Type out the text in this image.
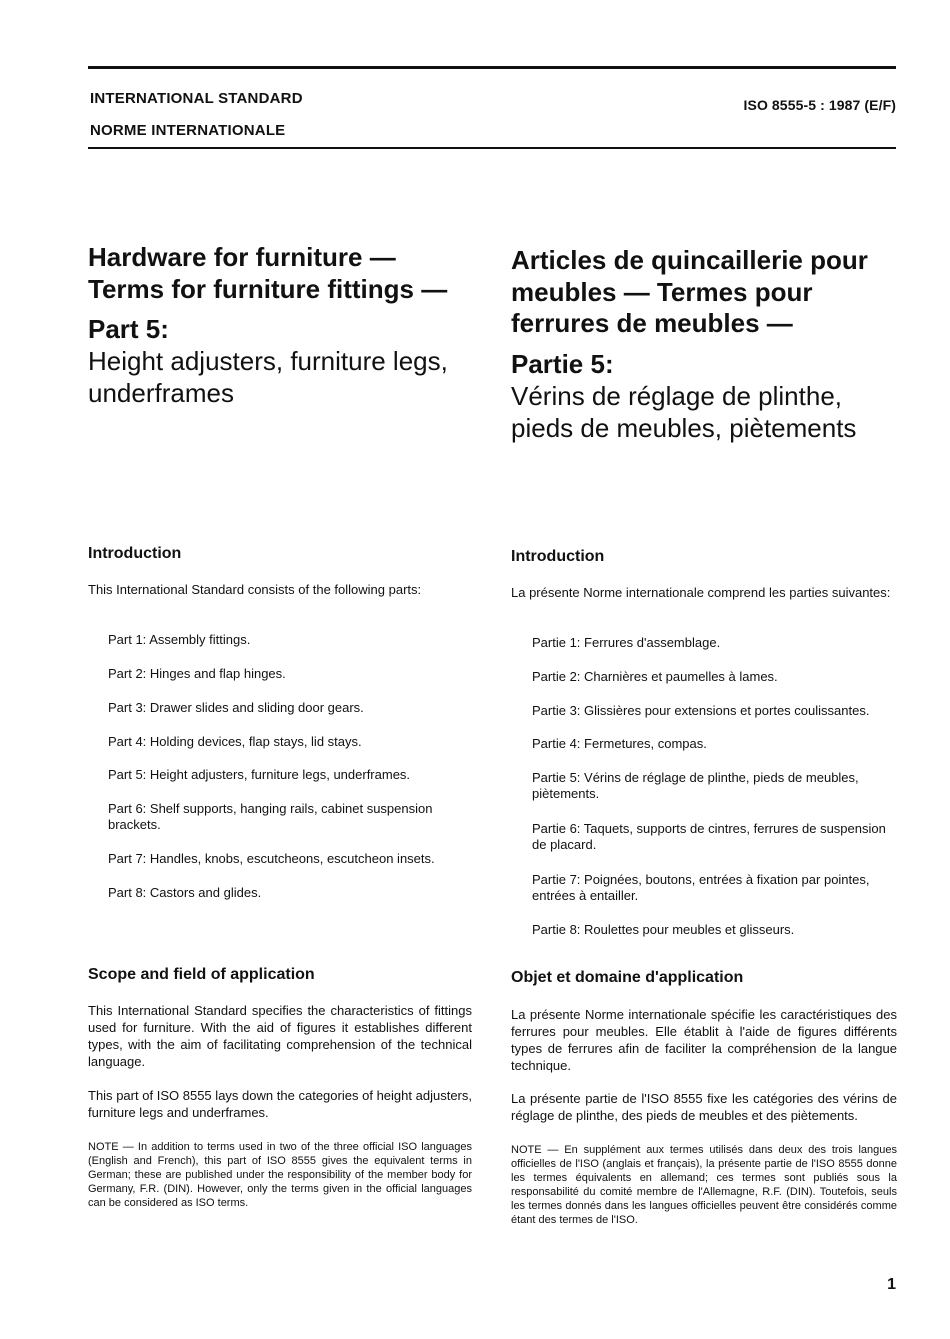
INTERNATIONAL STANDARD
NORME INTERNATIONALE
ISO 8555-5 : 1987 (E/F)
Hardware for furniture — Terms for furniture fittings —
Part 5:
Height adjusters, furniture legs, underframes
Introduction

This International Standard consists of the following parts:

Part 1: Assembly fittings.
Part 2: Hinges and flap hinges.
Part 3: Drawer slides and sliding door gears.
Part 4: Holding devices, flap stays, lid stays.
Part 5: Height adjusters, furniture legs, underframes.
Part 6: Shelf supports, hanging rails, cabinet suspension brackets.
Part 7: Handles, knobs, escutcheons, escutcheon insets.
Part 8: Castors and glides.
Scope and field of application

This International Standard specifies the characteristics of fittings used for furniture. With the aid of figures it establishes different types, with the aim of facilitating comprehension of the technical language.

This part of ISO 8555 lays down the categories of height adjusters, furniture legs and underframes.

NOTE — In addition to terms used in two of the three official ISO languages (English and French), this part of ISO 8555 gives the equivalent terms in German; these are published under the responsibility of the member body for Germany, F.R. (DIN). However, only the terms given in the official languages can be considered as ISO terms.

Articles de quincaillerie pour meubles — Termes pour ferrures de meubles —
Partie 5:
Vérins de réglage de plinthe, pieds de meubles, piètements
Introduction

La présente Norme internationale comprend les parties suivantes:

Partie 1: Ferrures d'assemblage.
Partie 2: Charnières et paumelles à lames.
Partie 3: Glissières pour extensions et portes coulissantes.
Partie 4: Fermetures, compas.
Partie 5: Vérins de réglage de plinthe, pieds de meubles, piètements.
Partie 6: Taquets, supports de cintres, ferrures de suspension de placard.
Partie 7: Poignées, boutons, entrées à fixation par pointes, entrées à entailler.
Partie 8: Roulettes pour meubles et glisseurs.
Objet et domaine d'application

La présente Norme internationale spécifie les caractéristiques des ferrures pour meubles. Elle établit à l'aide de figures différents types de ferrures afin de faciliter la compréhension de la langue technique.

La présente partie de l'ISO 8555 fixe les catégories des vérins de réglage de plinthe, des pieds de meubles et des piètements.

NOTE — En supplément aux termes utilisés dans deux des trois langues officielles de l'ISO (anglais et français), la présente partie de l'ISO 8555 donne les termes équivalents en allemand; ces termes sont publiés sous la responsabilité du comité membre de l'Allemagne, R.F. (DIN). Toutefois, seuls les termes donnés dans les langues officielles peuvent être considérés comme étant des termes de l'ISO.

1
